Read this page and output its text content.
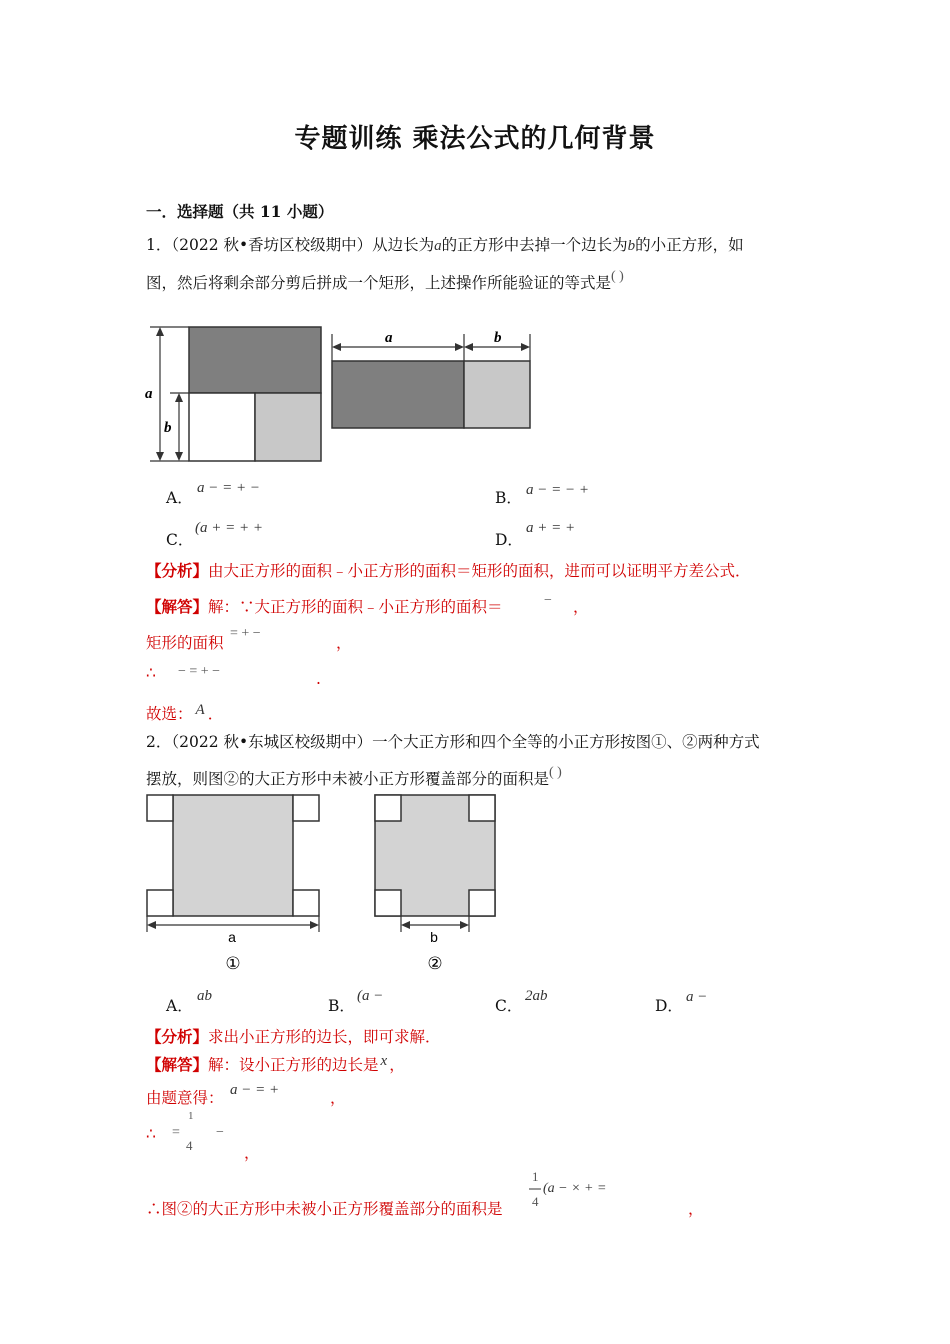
专题训练 乘法公式的几何背景
一．选择题（共 11 小题）
1．（2022 秋•香坊区校级期中）从边长为a的正方形中去掉一个边长为b的小正方形，如
图，然后将剩余部分剪后拼成一个矩形，上述操作所能验证的等式是( )
a
b
a	b
A．
a − = + −
B． a − = − +
C．
(a + = + +
D．
a + = +
【分析】由大正方形的面积﹣小正方形的面积＝矩形的面积，进而可以证明平方差公式．
【解答】解：∵大正方形的面积﹣小正方形的面积＝	− ，
矩形的面积
= + −
，
∴ − = + −	.
故选： A ．
2．（2022 秋•东城区校级期中）一个大正方形和四个全等的小正方形按图①、②两种方式
摆放，则图②的大正方形中未被小正方形覆盖部分的面积是( )
a
①
b
②
A．
ab
B．
(a −
C．
2ab
D． a −
【分析】求出小正方形的边长，即可求解．
【解答】解：设小正方形的边长是 x ，
由题意得： a − = +	，
∴ =
1
4
−
，
∴图②的大正方形中未被小正方形覆盖部分的面积是
1
4
(a − × + =
，
